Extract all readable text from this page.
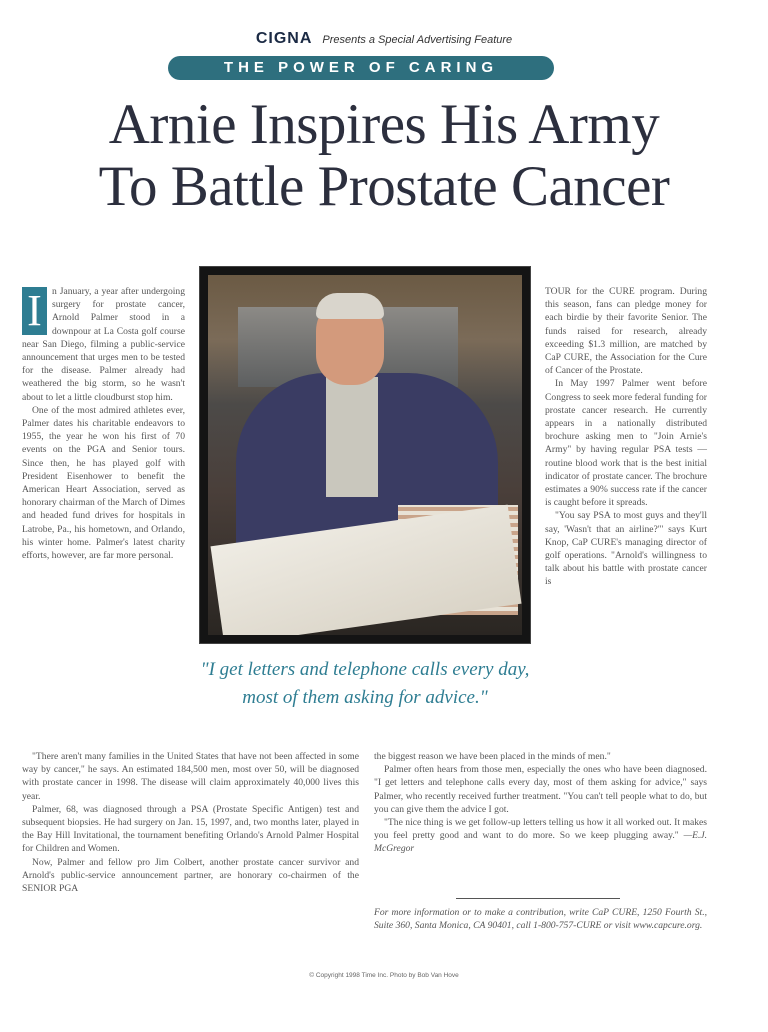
CIGNA Presents a Special Advertising Feature
THE POWER OF CARING
Arnie Inspires His Army
To Battle Prostate Cancer
I	n January, a year after undergoing surgery for prostate cancer, Arnold Palmer stood in a downpour at La Costa golf course near San Diego, filming a public-service announcement that urges men to be tested for the disease. Palmer already had weathered the big storm, so he wasn't about to let a little cloudburst stop him.

One of the most admired athletes ever, Palmer dates his charitable endeavors to 1955, the year he won his first of 70 events on the PGA and Senior tours. Since then, he has played golf with President Eisenhower to benefit the American Heart Association, served as honorary chairman of the March of Dimes and headed fund drives for hospitals in Latrobe, Pa., his hometown, and Orlando, his winter home. Palmer's latest charity efforts, however, are far more personal.

TOUR for the CURE program. During this season, fans can pledge money for each birdie by their favorite Senior. The funds raised for research, already exceeding $1.3 million, are matched by CaP CURE, the Association for the Cure of Cancer of the Prostate.

In May 1997 Palmer went before Congress to seek more federal funding for prostate cancer research. He currently appears in a nationally distributed brochure asking men to "Join Arnie's Army" by having regular PSA tests —routine blood work that is the best initial indicator of prostate cancer. The brochure estimates a 90% success rate if the cancer is caught before it spreads.

"You say PSA to most guys and they'll say, 'Wasn't that an airline?'" says Kurt Knop, CaP CURE's managing director of golf operations. "Arnold's willingness to talk about his battle with prostate cancer is

"I get letters and telephone calls every day, most of them asking for advice."

"There aren't many families in the United States that have not been affected in some way by cancer," he says. An estimated 184,500 men, most over 50, will be diagnosed with prostate cancer in 1998. The disease will claim approximately 40,000 lives this year.

Palmer, 68, was diagnosed through a PSA (Prostate Specific Antigen) test and subsequent biopsies. He had surgery on Jan. 15, 1997, and, two months later, played in the Bay Hill Invitational, the tournament benefiting Orlando's Arnold Palmer Hospital for Children and Women.

Now, Palmer and fellow pro Jim Colbert, another prostate cancer survivor and Arnold's public-service announcement partner, are honorary co-chairmen of the SENIOR PGA

the biggest reason we have been placed in the minds of men."

Palmer often hears from those men, especially the ones who have been diagnosed. "I get letters and telephone calls every day, most of them asking for advice," says Palmer, who recently received further treatment. "You can't tell people what to do, but you can give them the advice I got.

"The nice thing is we get follow-up letters telling us how it all worked out. It makes you feel pretty good and want to do more. So we keep plugging away." —E.J. McGregor

For more information or to make a contribution, write CaP CURE, 1250 Fourth St., Suite 360, Santa Monica, CA 90401, call 1-800-757-CURE or visit www.capcure.org.
© Copyright 1998 Time Inc. Photo by Bob Van Hove
